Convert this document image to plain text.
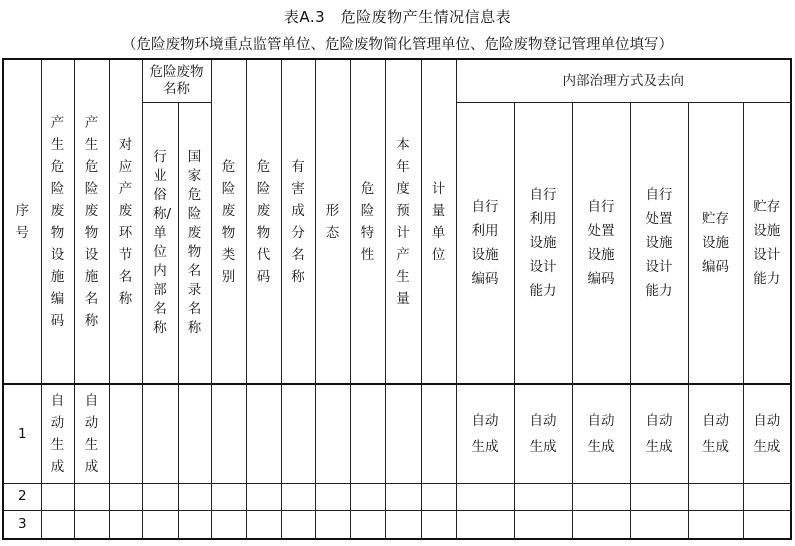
表A.3　危险废物产生情况信息表
（危险废物环境重点监管单位、危险废物简化管理单位、危险废物登记管理单位填写）
序号	产生危险废物设施编码	产生危险废物设施名称	对应产废环节名称	危险废物名称		危险废物类别	危险废物代码	有害成分名称	形态	危险特性	本年度预计产生量	计量单位	内部治理方式及去向					
				行业俗称/单位内部名称	国家危险废物名录名称								自行利用设施编码	自行利用设施设计能力	自行处置设施编码	自行处置设施设计能力	贮存设施编码	贮存设施设计能力

1	自动生成	自动生成											自动生成	自动生成	自动生成	自动生成	自动生成	自动生成
2																		
3																		
